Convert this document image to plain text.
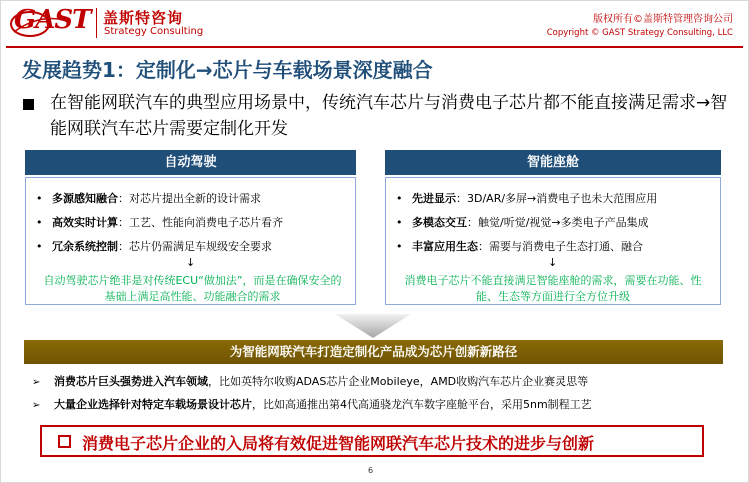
GAST 盖斯特咨询
Strategy Consulting
版权所有©盖斯特管理咨询公司
Copyright © GAST Strategy Consulting, LLC
发展趋势1：定制化→芯片与车载场景深度融合
在智能网联汽车的典型应用场景中，传统汽车芯片与消费电子芯片都不能直接满足需求→智能网联汽车芯片需要定制化开发
自动驾驶
• 多源感知融合：对芯片提出全新的设计需求
• 高效实时计算：工艺、性能向消费电子芯片看齐
• 冗余系统控制：芯片仍需满足车规级安全要求
↓
自动驾驶芯片绝非是对传统ECU“做加法”，而是在确保安全的基础上满足高性能、功能融合的需求
智能座舱
• 先进显示：3D/AR/多屏→消费电子也未大范围应用
• 多模态交互：触觉/听觉/视觉→多类电子产品集成
• 丰富应用生态：需要与消费电子生态打通、融合
↓
消费电子芯片不能直接满足智能座舱的需求，需要在功能、性能、生态等方面进行全方位升级
为智能网联汽车打造定制化产品成为芯片创新新路径
➢ 消费芯片巨头强势进入汽车领域，比如英特尔收购ADAS芯片企业Mobileye，AMD收购汽车芯片企业赛灵思等
➢ 大量企业选择针对特定车载场景设计芯片，比如高通推出第4代高通骁龙汽车数字座舱平台，采用5nm制程工艺
消费电子芯片企业的入局将有效促进智能网联汽车芯片技术的进步与创新
6
